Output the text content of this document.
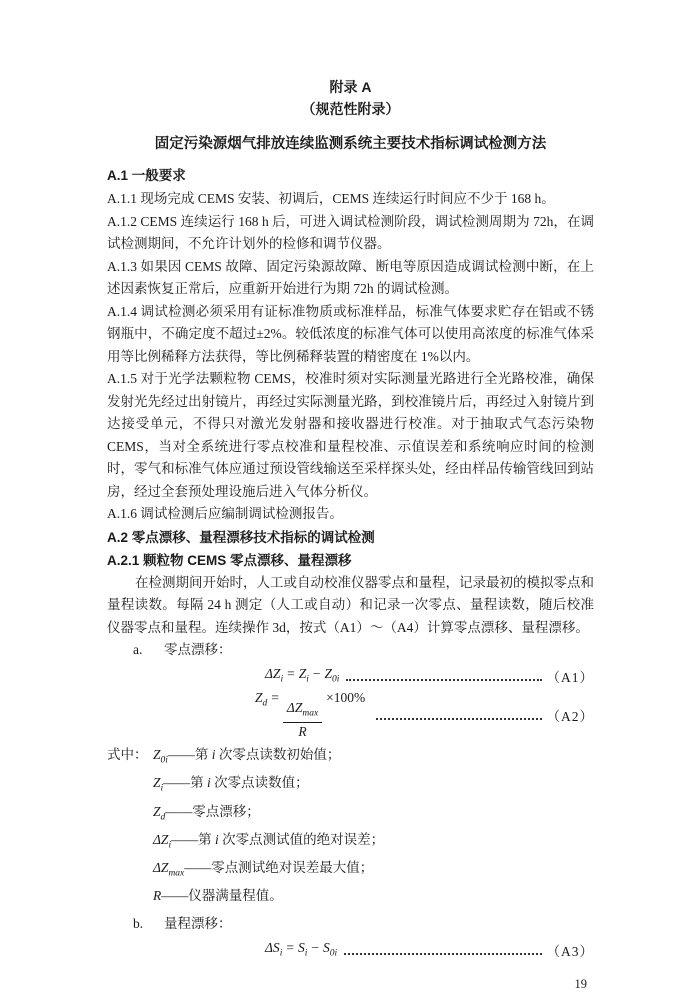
附录 A
（规范性附录）
固定污染源烟气排放连续监测系统主要技术指标调试检测方法
A.1 一般要求
A.1.1 现场完成 CEMS 安装、初调后，CEMS 连续运行时间应不少于 168 h。
A.1.2 CEMS 连续运行 168 h 后，可进入调试检测阶段，调试检测周期为 72h，在调试检测期间，不允许计划外的检修和调节仪器。
A.1.3 如果因 CEMS 故障、固定污染源故障、断电等原因造成调试检测中断，在上述因素恢复正常后，应重新开始进行为期 72h 的调试检测。
A.1.4 调试检测必须采用有证标准物质或标准样品，标准气体要求贮存在铝或不锈钢瓶中，不确定度不超过±2%。较低浓度的标准气体可以使用高浓度的标准气体采用等比例稀释方法获得，等比例稀释装置的精密度在 1%以内。
A.1.5 对于光学法颗粒物 CEMS，校准时须对实际测量光路进行全光路校准，确保发射光先经过出射镜片，再经过实际测量光路，到校准镜片后，再经过入射镜片到达接受单元，不得只对激光发射器和接收器进行校准。对于抽取式气态污染物 CEMS，当对全系统进行零点校准和量程校准、示值误差和系统响应时间的检测时，零气和标准气体应通过预设管线输送至采样探头处，经由样品传输管线回到站房，经过全套预处理设施后进入气体分析仪。
A.1.6 调试检测后应编制调试检测报告。
A.2 零点漂移、量程漂移技术指标的调试检测
A.2.1 颗粒物 CEMS 零点漂移、量程漂移
在检测期间开始时，人工或自动校准仪器零点和量程，记录最初的模拟零点和量程读数。每隔 24 h 测定（人工或自动）和记录一次零点、量程读数，随后校准仪器零点和量程。连续操作 3d，按式（A1）～（A4）计算零点漂移、量程漂移。
a.	零点漂移：
$\Delta Z_i = Z_i - Z_{0i}$	（A1）
$Z_d$ =
$\frac{\Delta Z_{max}}{R}$
×100%
（A2）
式中： $Z_{0i}$ ——第 i 次零点读数初始值；
$Z_i$ ——第 i 次零点读数值；
$Z_d$ ——零点漂移；
$\Delta Z_i$ ——第 i 次零点测试值的绝对误差；
$\Delta Z_{max}$ ——零点测试绝对误差最大值；
R ——仪器满量程值。
b.	量程漂移：
$\Delta S_i = S_i - S_{0i}$	（A3）
19
